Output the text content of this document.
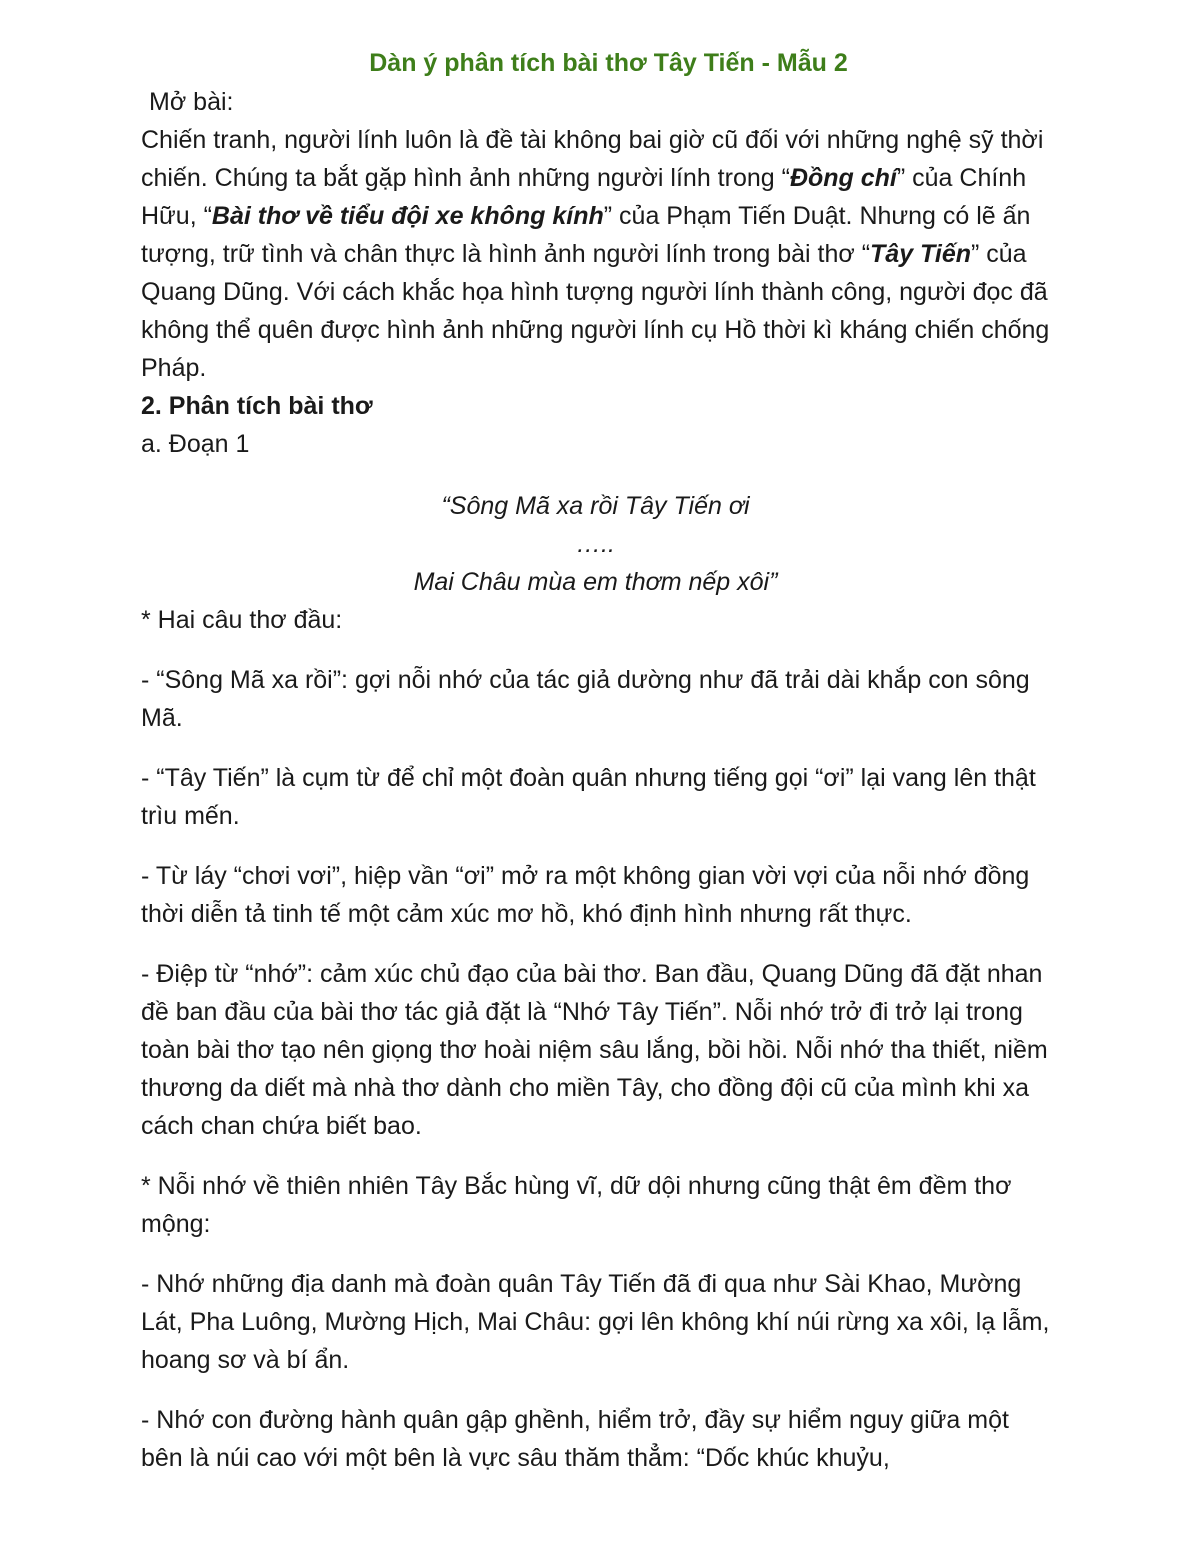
Dàn ý phân tích bài thơ Tây Tiến - Mẫu 2

Mở bài:

Chiến tranh, người lính luôn là đề tài không bai giờ cũ đối với những nghệ sỹ thời chiến. Chúng ta bắt gặp hình ảnh những người lính trong “Đồng chí” của Chính Hữu, “Bài thơ về tiểu đội xe không kính” của Phạm Tiến Duật. Nhưng có lẽ ấn tượng, trữ tình và chân thực là hình ảnh người lính trong bài thơ “Tây Tiến” của Quang Dũng. Với cách khắc họa hình tượng người lính thành công, người đọc đã không thể quên được hình ảnh những người lính cụ Hồ thời kì kháng chiến chống Pháp.

2. Phân tích bài thơ

a. Đoạn 1

“Sông Mã xa rồi Tây Tiến ơi

…..

Mai Châu mùa em thơm nếp xôi”

* Hai câu thơ đầu:

- “Sông Mã xa rồi”: gợi nỗi nhớ của tác giả dường như đã trải dài khắp con sông Mã.

- “Tây Tiến” là cụm từ để chỉ một đoàn quân nhưng tiếng gọi “ơi” lại vang lên thật trìu mến.

- Từ láy “chơi vơi”, hiệp vần “ơi” mở ra một không gian vời vợi của nỗi nhớ đồng thời diễn tả tinh tế một cảm xúc mơ hồ, khó định hình nhưng rất thực.

- Điệp từ “nhớ”: cảm xúc chủ đạo của bài thơ. Ban đầu, Quang Dũng đã đặt nhan đề ban đầu của bài thơ tác giả đặt là “Nhớ Tây Tiến”. Nỗi nhớ trở đi trở lại trong toàn bài thơ tạo nên giọng thơ hoài niệm sâu lắng, bồi hồi. Nỗi nhớ tha thiết, niềm thương da diết mà nhà thơ dành cho miền Tây, cho đồng đội cũ của mình khi xa cách chan chứa biết bao.

* Nỗi nhớ về thiên nhiên Tây Bắc hùng vĩ, dữ dội nhưng cũng thật êm đềm thơ mộng:

- Nhớ những địa danh mà đoàn quân Tây Tiến đã đi qua như Sài Khao, Mường Lát, Pha Luông, Mường Hịch, Mai Châu: gợi lên không khí núi rừng xa xôi, lạ lẫm, hoang sơ và bí ẩn.

- Nhớ con đường hành quân gập ghềnh, hiểm trở, đầy sự hiểm nguy giữa một bên là núi cao với một bên là vực sâu thăm thẳm: “Dốc khúc khuỷu,
